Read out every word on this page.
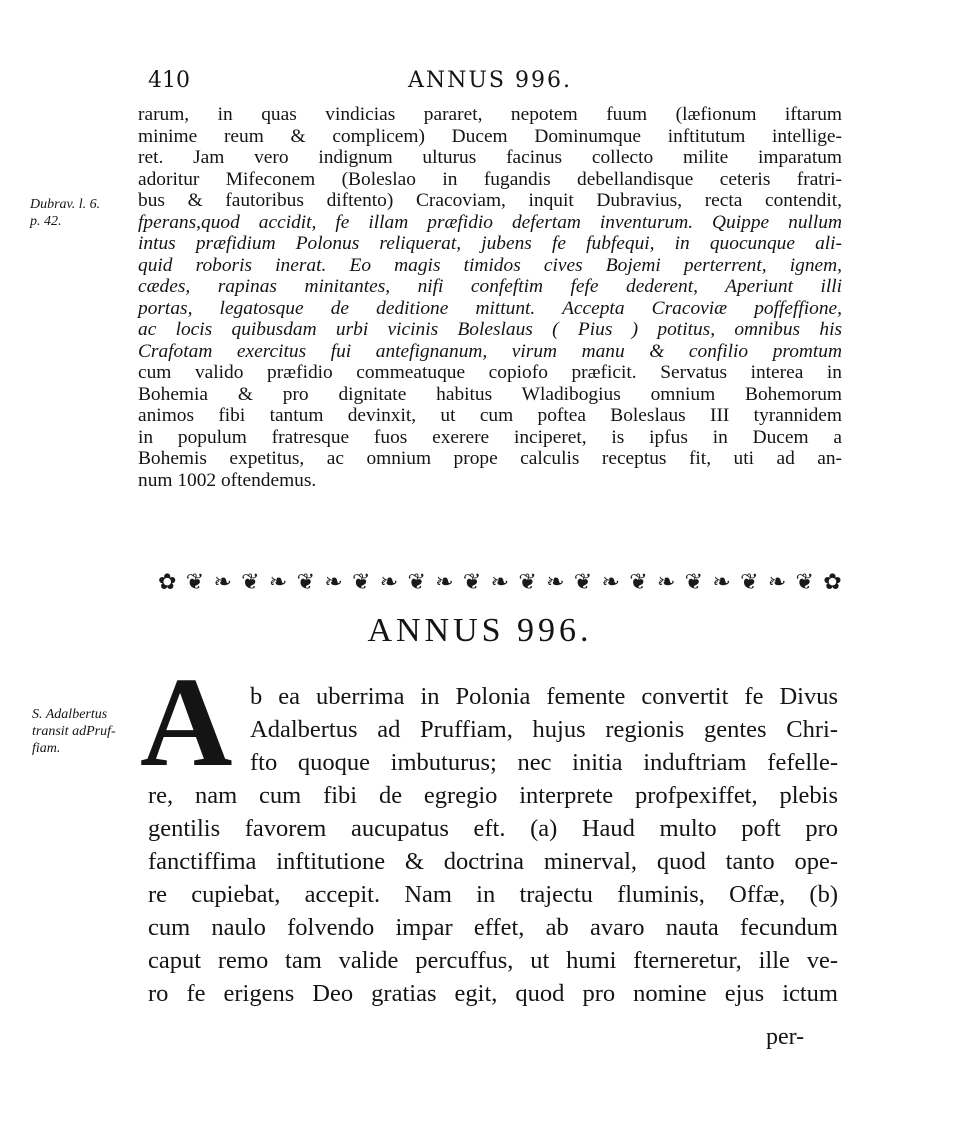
410	ANNUS 996.
Dubrav. l. 6.
p. 42.
rarum, in quas vindicias pararet, nepotem fuum (læfionum iftarum
minime reum & complicem) Ducem Dominumque inftitutum intellige-
ret. Jam vero indignum ulturus facinus collecto milite imparatum
adoritur Mifeconem (Boleslao in fugandis debellandisque ceteris fratri-
bus & fautoribus diftento) Cracoviam, inquit Dubravius, recta contendit,
fperans,quod accidit, fe illam præfidio defertam inventurum. Quippe nullum
intus præfidium Polonus reliquerat, jubens fe fubfequi, in quocunque ali-
quid roboris inerat. Eo magis timidos cives Bojemi perterrent, ignem,
cædes, rapinas minitantes, nifi confeftim fefe dederent, Aperiunt illi
portas, legatosque de deditione mittunt. Accepta Cracoviæ poffeffione,
ac locis quibusdam urbi vicinis Boleslaus ( Pius ) potitus, omnibus his
Crafotam exercitus fui antefignanum, virum manu & confilio promtum
cum valido præfidio commeatuque copiofo præficit. Servatus interea in
Bohemia & pro dignitate habitus Wladibogius omnium Bohemorum
animos fibi tantum devinxit, ut cum poftea Boleslaus III tyrannidem
in populum fratresque fuos exerere inciperet, is ipfus in Ducem a
Bohemis expetitus, ac omnium prope calculis receptus fit, uti ad an-
num 1002 oftendemus.
✿ ❦ ❧ ❦ ❧ ❦ ❧ ❦ ❧ ❦ ❧ ❦ ❧ ❦ ❧ ❦ ❧ ❦ ❧ ❦ ❧ ❦ ❧ ❦ ✿
ANNUS 996.
S. Adalbertus
transit adPruf-
fiam. A b ea uberrima in Polonia femente convertit fe Divus
Adalbertus ad Pruffiam, hujus regionis gentes Chri-
fto quoque imbuturus; nec initia induftriam fefelle-
re, nam cum fibi de egregio interprete profpexiffet, plebis
gentilis favorem aucupatus eft. (a) Haud multo poft pro
fanctiffima inftitutione & doctrina minerval, quod tanto ope-
re cupiebat, accepit. Nam in trajectu fluminis, Offæ, (b)
cum naulo folvendo impar effet, ab avaro nauta fecundum
caput remo tam valide percuffus, ut humi fterneretur, ille ve-
ro fe erigens Deo gratias egit, quod pro nomine ejus ictum
per-
